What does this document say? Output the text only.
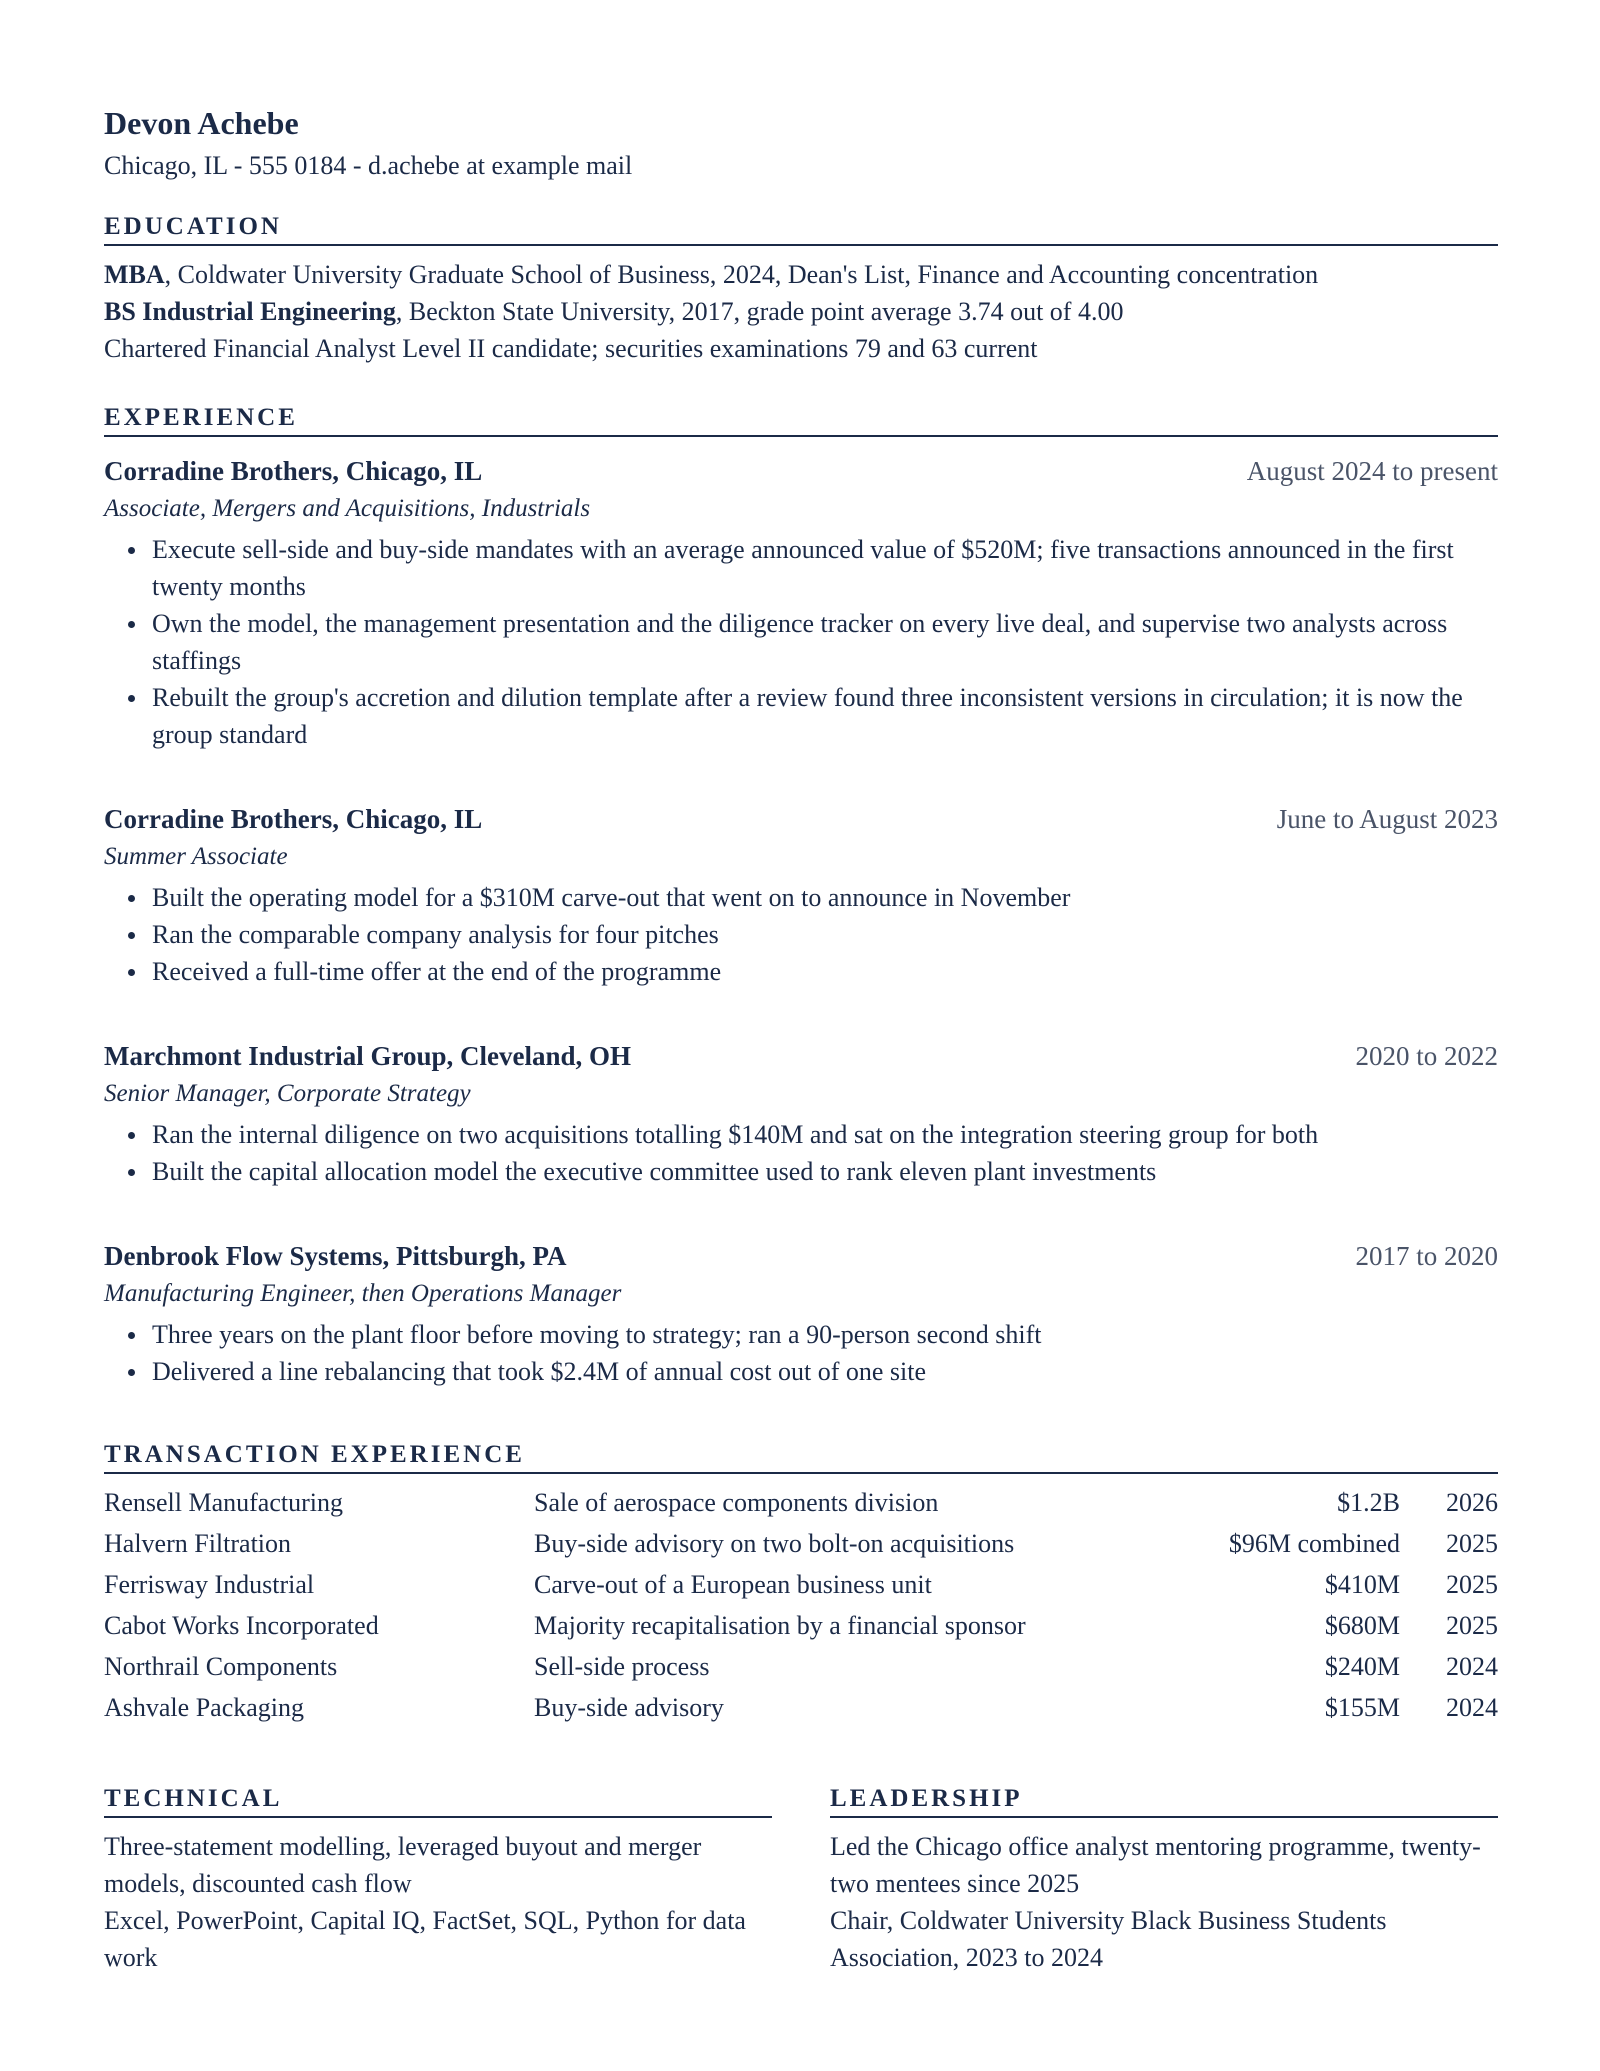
Devon Achebe
Chicago, IL - 555 0184 - d.achebe at example mail
EDUCATION
MBA, Coldwater University Graduate School of Business, 2024, Dean's List, Finance and Accounting concentration
BS Industrial Engineering, Beckton State University, 2017, grade point average 3.74 out of 4.00
Chartered Financial Analyst Level II candidate; securities examinations 79 and 63 current
EXPERIENCE
Corradine Brothers, Chicago, IL	August 2024 to present
Associate, Mergers and Acquisitions, Industrials
Execute sell-side and buy-side mandates with an average announced value of $520M; five transactions announced in the first twenty months
Own the model, the management presentation and the diligence tracker on every live deal, and supervise two analysts across staffings
Rebuilt the group's accretion and dilution template after a review found three inconsistent versions in circulation; it is now the group standard
Corradine Brothers, Chicago, IL	June to August 2023
Summer Associate
Built the operating model for a $310M carve-out that went on to announce in November
Ran the comparable company analysis for four pitches
Received a full-time offer at the end of the programme
Marchmont Industrial Group, Cleveland, OH	2020 to 2022
Senior Manager, Corporate Strategy
Ran the internal diligence on two acquisitions totalling $140M and sat on the integration steering group for both
Built the capital allocation model the executive committee used to rank eleven plant investments
Denbrook Flow Systems, Pittsburgh, PA	2017 to 2020
Manufacturing Engineer, then Operations Manager
Three years on the plant floor before moving to strategy; ran a 90-person second shift
Delivered a line rebalancing that took $2.4M of annual cost out of one site
TRANSACTION EXPERIENCE
Rensell Manufacturing	Sale of aerospace components division	$1.2B	2026
Halvern Filtration	Buy-side advisory on two bolt-on acquisitions	$96M combined	2025
Ferrisway Industrial	Carve-out of a European business unit	$410M	2025
Cabot Works Incorporated	Majority recapitalisation by a financial sponsor	$680M	2025
Northrail Components	Sell-side process	$240M	2024
Ashvale Packaging	Buy-side advisory	$155M	2024
TECHNICAL
Three-statement modelling, leveraged buyout and merger models, discounted cash flow
Excel, PowerPoint, Capital IQ, FactSet, SQL, Python for data work
LEADERSHIP
Led the Chicago office analyst mentoring programme, twenty-two mentees since 2025
Chair, Coldwater University Black Business Students Association, 2023 to 2024
